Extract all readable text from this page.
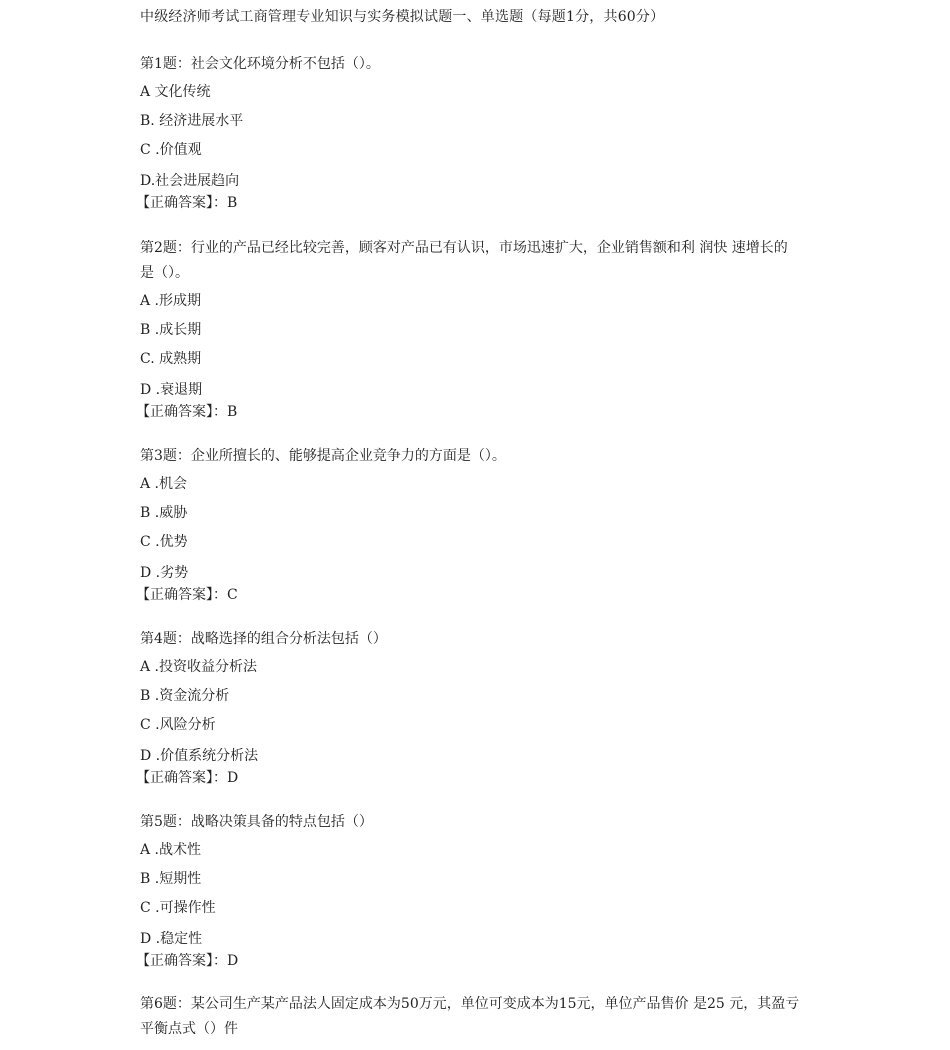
中级经济师考试工商管理专业知识与实务模拟试题一、单选题（每题1分，共60分）

第1题：社会文化环境分析不包括（）。

A 文化传统

B. 经济进展水平

C .价值观

D.社会进展趋向

【正确答案】：B

第2题：行业的产品已经比较完善，顾客对产品已有认识，市场迅速扩大，企业销售额和利 润快 速增长的是（）。

A .形成期

B .成长期

C. 成熟期

D .衰退期

【正确答案】：B

第3题：企业所擅长的、能够提高企业竞争力的方面是（）。

A .机会

B .威胁

C .优势

D .劣势

【正确答案】：C

第4题：战略选择的组合分析法包括（）

A .投资收益分析法

B .资金流分析

C .风险分析

D .价值系统分析法

【正确答案】：D

第5题：战略决策具备的特点包括（）

A .战术性

B .短期性

C .可操作性

D .稳定性

【正确答案】：D

第6题：某公司生产某产品法人固定成本为50万元，单位可变成本为15元，单位产品售价 是25 元，其盈亏平衡点式（）件
